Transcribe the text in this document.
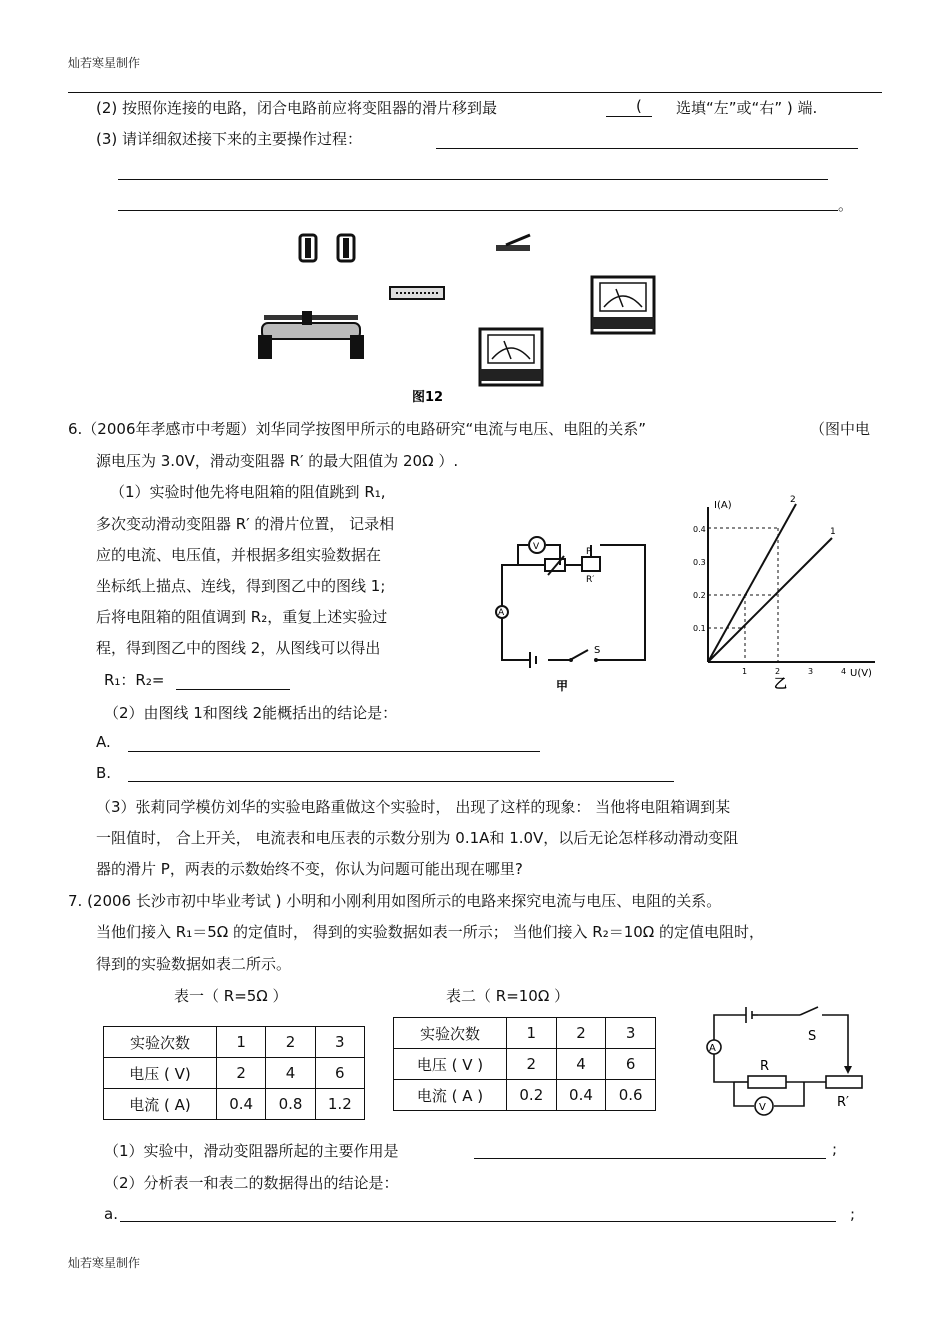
灿若寒星制作
灿若寒星制作
(2) 按照你连接的电路，闭合电路前应将变阻器的滑片移到最	( 选填“左”或“右” ) 端.
(3) 请详细叙述接下来的主要操作过程：
。
图12
6.（2006年孝感市中考题）刘华同学按图甲所示的电路研究“电流与电压、电阻的关系”	（图中电
源电压为 3.0V，滑动变阻器 R′ 的最大阻值为 20Ω ）.
（1）实验时他先将电阻箱的阻值跳到 R₁,
多次变动滑动变阻器 R′ 的滑片位置， 记录相
应的电流、电压值，并根据多组实验数据在
坐标纸上描点、连线，得到图乙中的图线 1;
后将电阻箱的阻值调到 R₂，重复上述实验过
程，得到图乙中的图线 2，从图线可以得出
R₁：R₂=
V	P
R′
A
S
甲
I(A)
U(V)
0.4
0.3
0.2
0.1
1	2	3	4
2
1
乙
（2）由图线 1和图线 2能概括出的结论是：
A.
B.
（3）张莉同学模仿刘华的实验电路重做这个实验时， 出现了这样的现象： 当他将电阻箱调到某
一阻值时， 合上开关， 电流表和电压表的示数分别为 0.1A和 1.0V，以后无论怎样移动滑动变阻
器的滑片 P，两表的示数始终不变，你认为问题可能出现在哪里?
7. (2006 长沙市初中毕业考试 ) 小明和小刚利用如图所示的电路来探究电流与电压、电阻的关系。
当他们接入 R₁＝5Ω 的定值时， 得到的实验数据如表一所示； 当他们接入 R₂＝10Ω 的定值电阻时，
得到的实验数据如表二所示。
表一（ R=5Ω ）	表二（ R=10Ω ）
实验次数	1	2	3
电压 ( V)	2	4	6
电流 ( A)	0.4	0.8	1.2
实验次数	1	2	3
电压 ( V )	2	4	6
电流 ( A )	0.2	0.4	0.6
S
A
R
V	R′
（1）实验中，滑动变阻器所起的主要作用是	;
（2）分析表一和表二的数据得出的结论是：
a.	;
